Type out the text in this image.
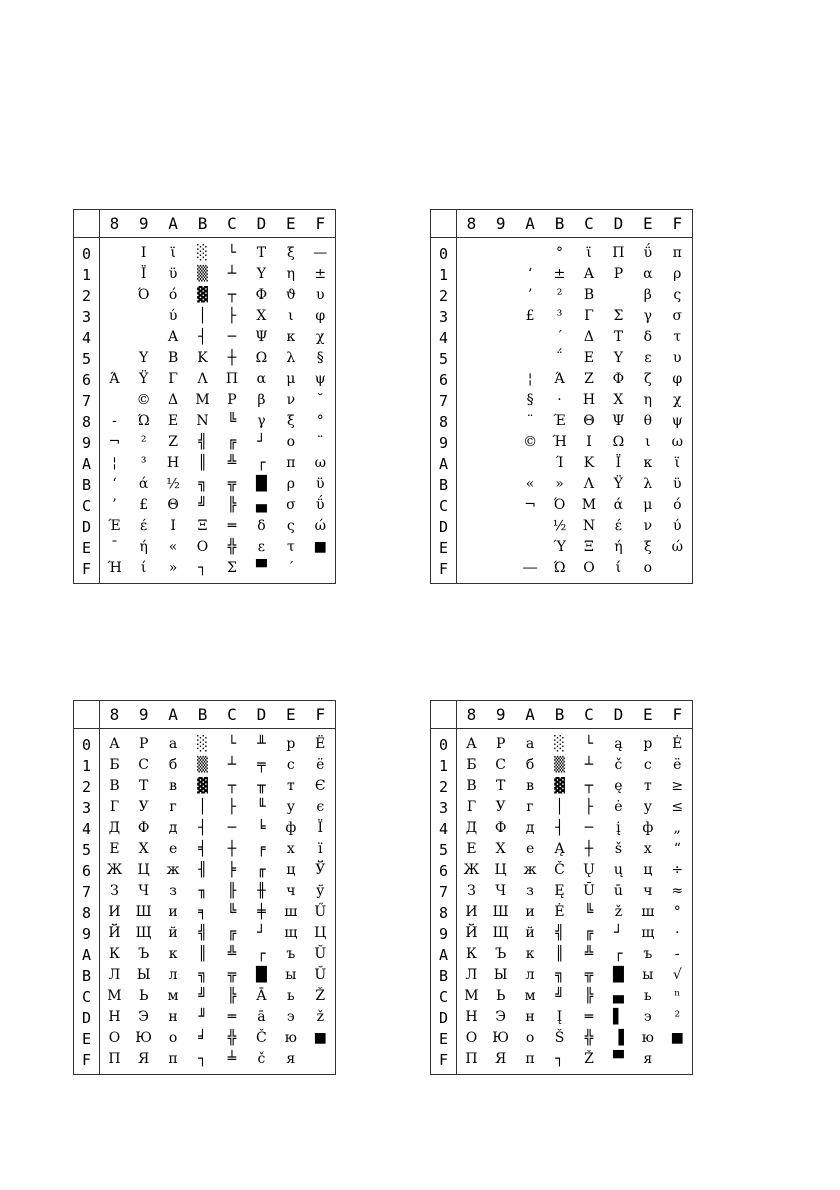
	8	9	A	B	C	D	E	F
0		Ι	ϊ	░	└	Τ	ξ	—
1		Ϊ	ϋ	▒	┴	Υ	η	±
2		Ό	ό	▓	┬	Φ	ϑ	υ
3			ύ	│	├	Χ	ι	φ
4			Α	┤	─	Ψ	κ	χ
5		Υ	Β	Κ	┼	Ω	λ	§
6	Ά	Ϋ	Γ	Λ	Π	α	μ	ψ
7		©	Δ	Μ	Ρ	β	ν	˘
8	-	Ώ	Ε	Ν	╚	γ	ξ	°
9	¬	²	Ζ	╣	╔	┘	ο	¨
A	¦	³	Η	║	╩	┌	π	ω
B	‘	ά	½	╗	╦	█	ρ	ϋ
C	’	£	Θ	╝	╠	▄	σ	ΰ
D	Έ	έ	Ι	Ξ	═	δ	ς	ώ
E	¯	ή	«	Ο	╬	ε	τ	■
F	Ή	ί	»	┐	Σ	▀	΄	
	8	9	A	B	C	D	E	F
0				°	ϊ	Π	ΰ	π
1			‘	±	Α	Ρ	α	ρ
2			’	²	Β		β	ς
3			£	³	Γ	Σ	γ	σ
4				΄	Δ	Τ	δ	τ
5				΅	Ε	Υ	ε	υ
6			¦	Ά	Ζ	Φ	ζ	φ
7			§	·	Η	Χ	η	χ
8			¨	Έ	Θ	Ψ	θ	ψ
9			©	Ή	Ι	Ω	ι	ω
A				Ί	Κ	Ϊ	κ	ϊ
B			«	»	Λ	Ϋ	λ	ϋ
C			¬	Ό	Μ	ά	μ	ό
D				½	Ν	έ	ν	ύ
E				Ύ	Ξ	ή	ξ	ώ
F			―	Ώ	Ο	ί	ο	
	8	9	A	B	C	D	E	F
0	А	Р	а	░	└	╨	р	Ё
1	Б	С	б	▒	┴	╤	с	ё
2	В	Т	в	▓	┬	╥	т	Є
3	Г	У	г	│	├	╙	у	є
4	Д	Ф	д	┤	─	╘	ф	Ї
5	Е	Х	е	╡	┼	╒	х	ї
6	Ж	Ц	ж	╢	╞	╓	ц	Ў
7	З	Ч	з	╖	╟	╫	ч	ў
8	И	Ш	и	╕	╚	╪	ш	Ű
9	Й	Щ	й	╣	╔	┘	щ	Ц
A	К	Ъ	к	║	╩	┌	ъ	Ŭ
B	Л	Ы	л	╗	╦	█	ы	Ŭ
C	М	Ь	м	╝	╠	Ā	ь	Ž
D	Н	Э	н	╜	═	ā	э	ž
E	О	Ю	о	╛	╬	Č	ю	■
F	П	Я	п	┐	╧	č	я	
	8	9	A	B	C	D	E	F
0	А	Р	а	░	└	ą	р	Ė
1	Б	С	б	▒	┴	č	с	ë
2	В	Т	в	▓	┬	ę	т	≥
3	Г	У	г	│	├	ė	у	≤
4	Д	Ф	д	┤	─	į	ф	„
5	Е	Х	е	Ą	┼	š	х	“
6	Ж	Ц	ж	Č	Ų	ų	ц	÷
7	З	Ч	з	Ę	Ū	ū	ч	≈
8	И	Ш	и	Ė	╚	ž	ш	°
9	Й	Щ	й	╣	╔	┘	щ	·
A	К	Ъ	к	║	╩	┌	ъ	-
B	Л	Ы	л	╗	╦	█	ы	√
C	М	Ь	м	╝	╠	▄	ь	ⁿ
D	Н	Э	н	Į	═	▌	э	²
E	О	Ю	о	Š	╬	▐	ю	■
F	П	Я	п	┐	Ž	▀	я	
